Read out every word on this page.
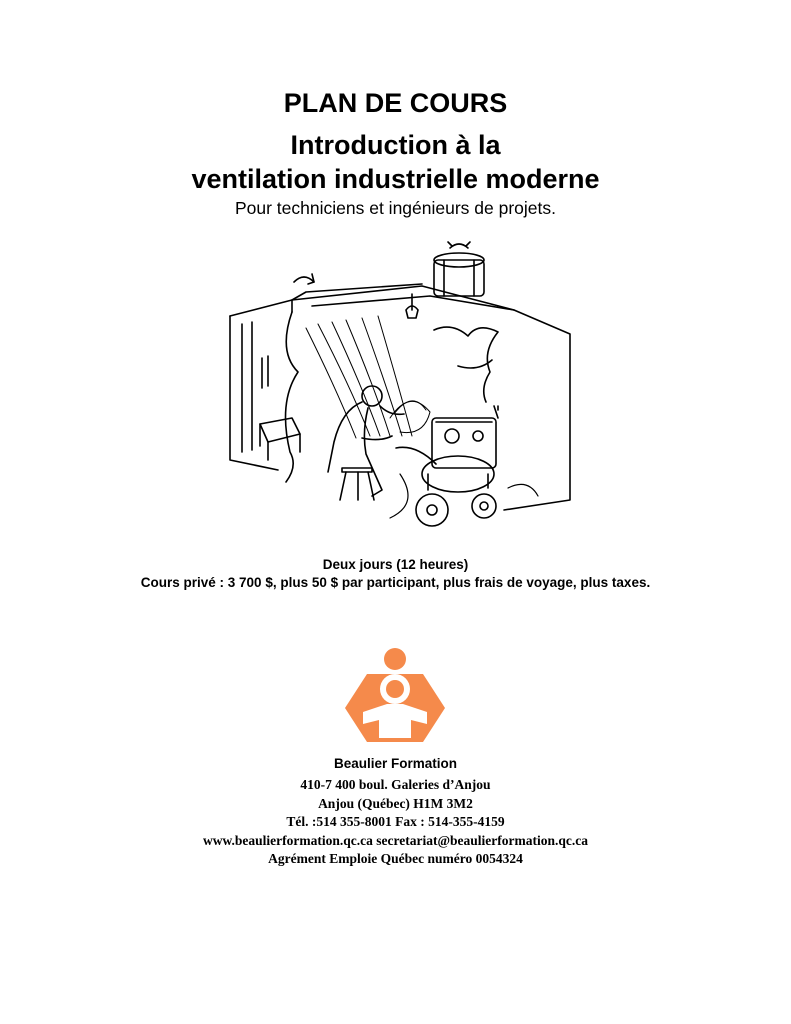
PLAN DE COURS
Introduction à la
ventilation industrielle moderne
Pour techniciens et ingénieurs de projets.
Deux jours (12 heures)
Cours privé : 3 700 $, plus 50 $ par participant, plus frais de voyage, plus taxes.
Beaulier Formation
410-7 400 boul. Galeries d’Anjou
Anjou (Québec) H1M 3M2
Tél. :514 355-8001 Fax : 514-355-4159
www.beaulierformation.qc.ca secretariat@beaulierformation.qc.ca
Agrément Emploie Québec numéro 0054324
